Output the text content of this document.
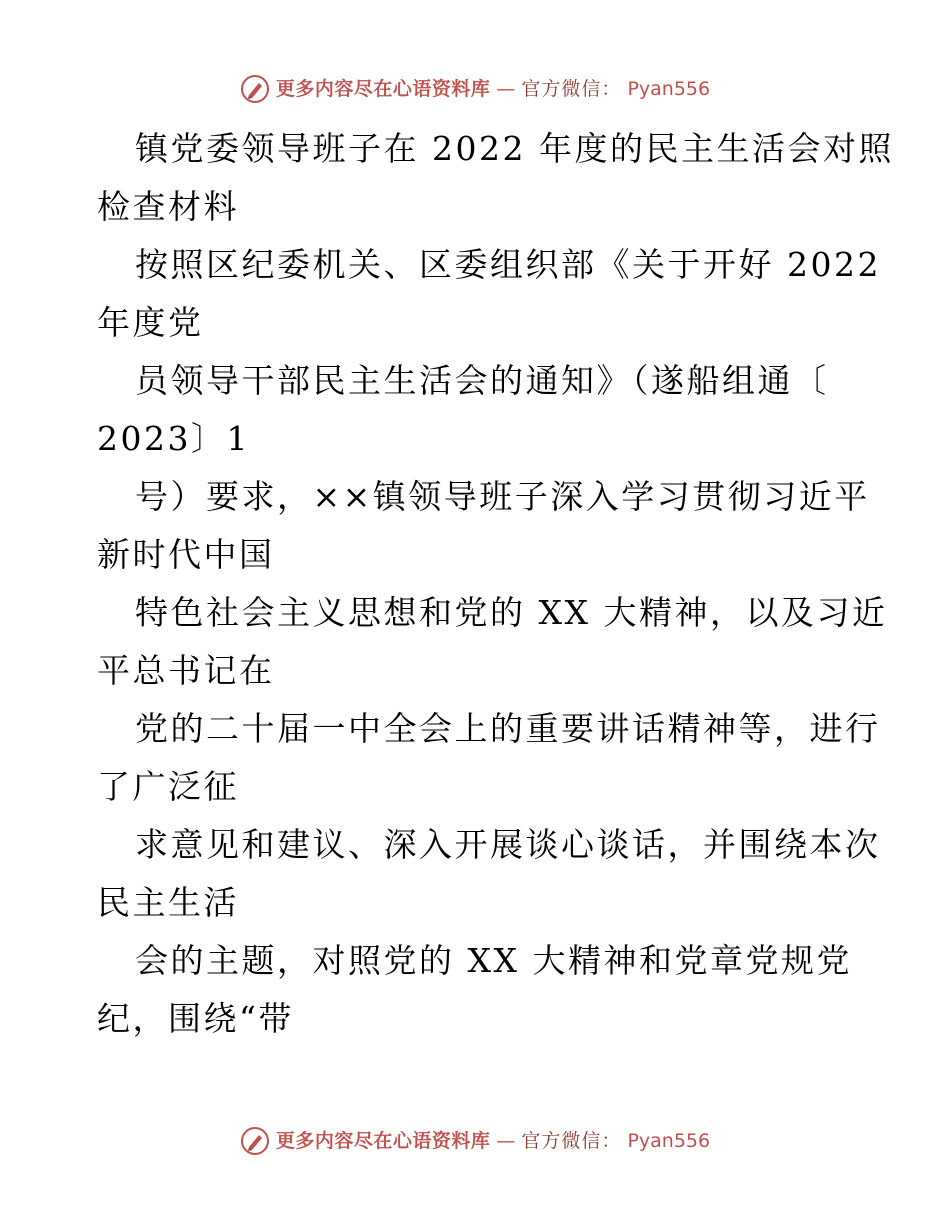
更多内容尽在心语资料库 — 官方微信： Pyan556
镇党委领导班子在 2022 年度的民主生活会对照
检查材料
按照区纪委机关、区委组织部《关于开好 2022
年度党
员领导干部民主生活会的通知》（遂船组通〔
2023〕1
号）要求，××镇领导班子深入学习贯彻习近平
新时代中国
特色社会主义思想和党的 XX 大精神，以及习近
平总书记在
党的二十届一中全会上的重要讲话精神等，进行
了广泛征
求意见和建议、深入开展谈心谈话，并围绕本次
民主生活
会的主题，对照党的 XX 大精神和党章党规党
纪，围绕“带
更多内容尽在心语资料库 — 官方微信： Pyan556
